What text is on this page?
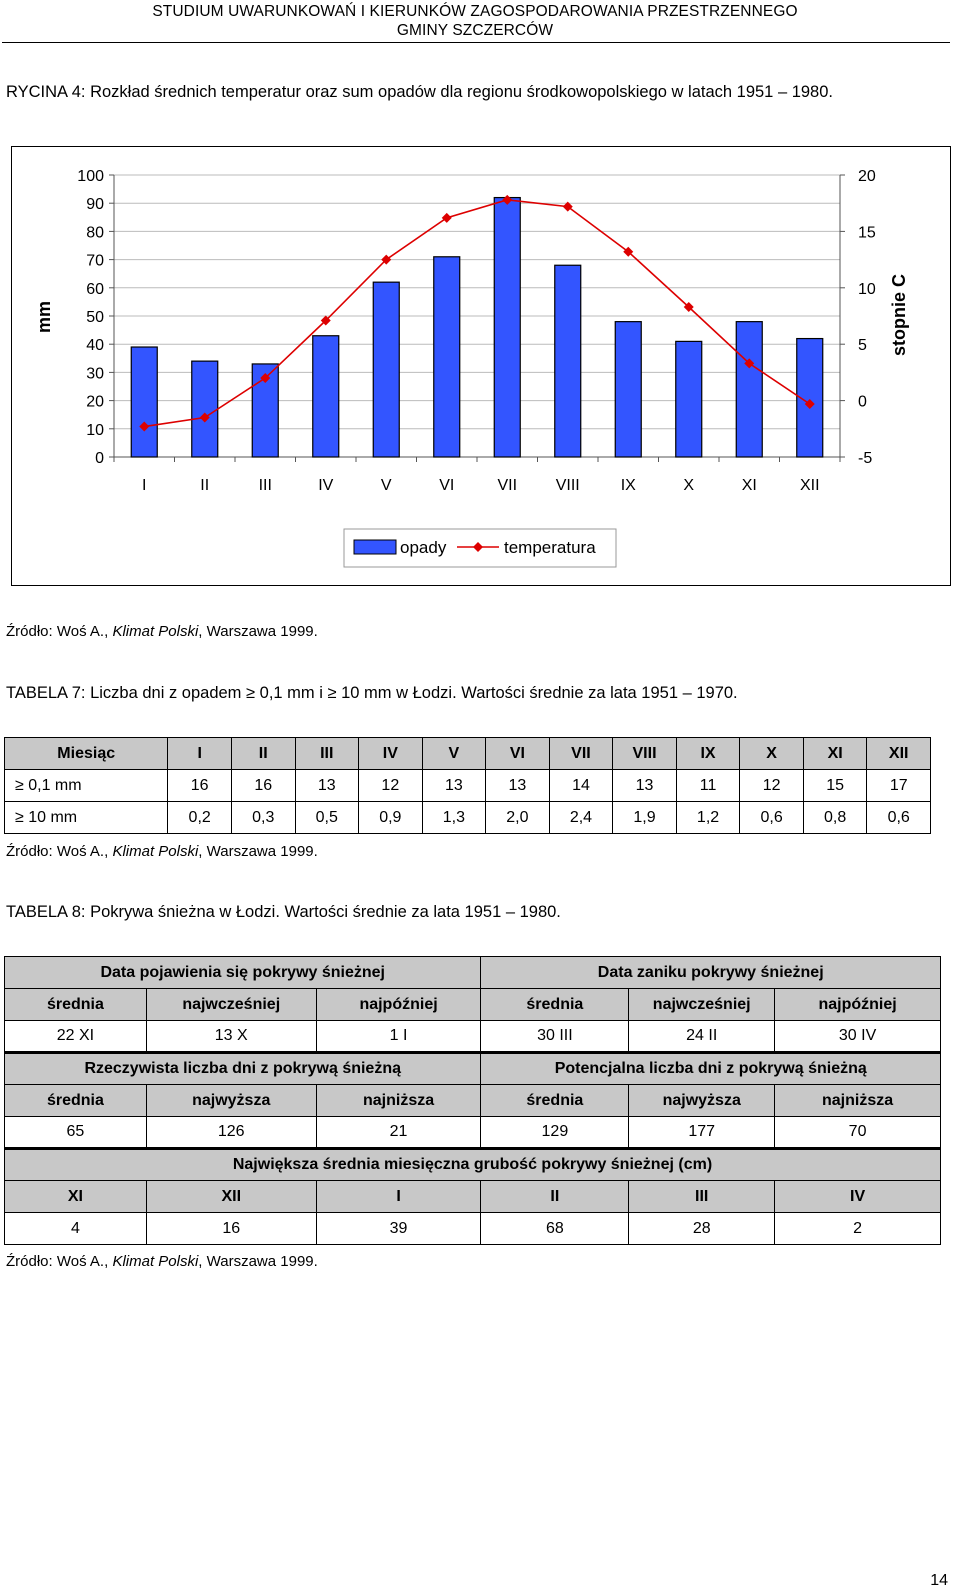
STUDIUM UWARUNKOWAŃ I KIERUNKÓW ZAGOSPODAROWANIA PRZESTRZENNEGO
GMINY SZCZERCÓW
RYCINA 4: Rozkład średnich temperatur oraz sum opadów dla regionu środkowopolskiego w latach 1951 – 1980.
100
90
80
70
60
50
40
30
20
10
0
20
15
10
5
0
-5
I	II	III	IV	V	VI	VII VIII	IX	X	XI	XII
mm	stopnie C
opady	temperatura
Źródło: Woś A., Klimat Polski, Warszawa 1999.
TABELA 7: Liczba dni z opadem ≥ 0,1 mm i ≥ 10 mm w Łodzi. Wartości średnie za lata 1951 – 1970.
Miesiąc	I	II	III	IV	V	VI	VII	VIII	IX	X	XI	XII
≥ 0,1 mm	16	16	13	12	13	13	14	13	11	12	15	17
≥ 10 mm	0,2	0,3	0,5	0,9	1,3	2,0	2,4	1,9	1,2	0,6	0,8	0,6
Źródło: Woś A., Klimat Polski, Warszawa 1999.
TABELA 8: Pokrywa śnieżna w Łodzi. Wartości średnie za lata 1951 – 1980.
Data pojawienia się pokrywy śnieżnej			Data zaniku pokrywy śnieżnej		
średnia	najwcześniej	najpóźniej	średnia	najwcześniej	najpóźniej
22 XI	13 X	1 I	30 III	24 II	30 IV
Rzeczywista liczba dni z pokrywą śnieżną			Potencjalna liczba dni z pokrywą śnieżną		
średnia	najwyższa	najniższa	średnia	najwyższa	najniższa
65	126	21	129	177	70
Największa średnia miesięczna grubość pokrywy śnieżnej (cm)					
XI	XII	I	II	III	IV
4	16	39	68	28	2
Źródło: Woś A., Klimat Polski, Warszawa 1999.
14
